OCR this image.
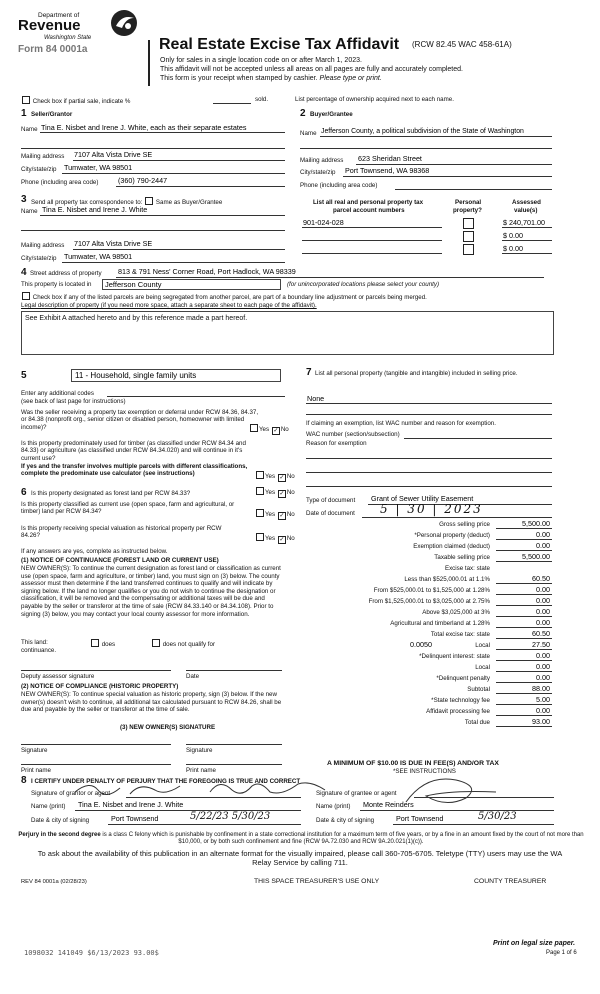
Department of
Revenue
Washington State
Form 84 0001a	Real Estate Excise Tax Affidavit (RCW 82.45 WAC 458-61A)
Only for sales in a single location code on or after March 1, 2023.
This affidavit will not be accepted unless all areas on all pages are fully and accurately completed.
This form is your receipt when stamped by cashier. Please type or print.
Check box if partial sale, indicate %	sold.	List percentage of ownership acquired next to each name.
1 Seller/Grantor
Name Tina E. Nisbet and Irene J. White, each as their separate estates
Mailing address 7107 Alta Vista Drive SE
City/state/zip Tumwater, WA 98501
Phone (including area code)	(360) 790-2447
2 Buyer/Grantee
Name Jefferson County, a political subdivision of the State of Washington
Mailing address 623 Sheridan Street
City/state/zip Port Townsend, WA 98368
Phone (including area code)
3 Send all property tax correspondence to: Same as Buyer/Grantee
Name Tina E. Nisbet and Irene J. White
Mailing address 7107 Alta Vista Drive SE
City/state/zip Tumwater, WA 98501
List all real and personal property tax
parcel account numbers
Personal
property?
Assessed
value(s)
901-024-028	$ 240,701.00
$ 0.00
$ 0.00
4 Street address of property 813 & 791 Ness' Corner Road, Port Hadlock, WA 98339
This property is located in Jefferson County	(for unincorporated locations please select your county)
Check box if any of the listed parcels are being segregated from another parcel, are part of a boundary line adjustment or parcels being merged.
Legal description of property (if you need more space, attach a separate sheet to each page of the affidavit).
See Exhibit A attached hereto and by this reference made a part hereof.
5	11 - Household, single family units
Enter any additional codes
(see back of last page for instructions)
Was the seller receiving a property tax exemption or deferral under RCW 84.36, 84.37, or 84.38 (nonprofit org., senior citizen or disabled person, homeowner with limited income)?	Yes ✓ No
Is this property predominately used for timber (as classified under RCW 84.34 and 84.33) or agriculture (as classified under RCW 84.34.020) and will continue in it's current use?
If yes and the transfer involves multiple parcels with different classifications, complete the predominate use calculator (see instructions)	Yes ✓ No
6 Is this property designated as forest land per RCW 84.33?	Yes ✓ No
Is this property classified as current use (open space, farm and agricultural, or timber) land per RCW 84.34?	Yes ✓ No
Is this property receiving special valuation as historical property per RCW 84.26?	Yes ✓ No
If any answers are yes, complete as instructed below.
(1) NOTICE OF CONTINUANCE (FOREST LAND OR CURRENT USE)
NEW OWNER(S): To continue the current designation as forest land or classification as current use (open space, farm and agriculture, or timber) land, you must sign on (3) below. The county assessor must then determine if the land transferred continues to qualify and will indicate by signing below. If the land no longer qualifies or you do not wish to continue the designation or classification, it will be removed and the compensating or additional taxes will be due and payable by the seller or transferor at the time of sale (RCW 84.33.140 or 84.34.108). Prior to signing (3) below, you may contact your local county assessor for more information.
This land:	does	does not qualify for
continuance.
Deputy assessor signature	Date
(2) NOTICE OF COMPLIANCE (HISTORIC PROPERTY)
NEW OWNER(S): To continue special valuation as historic property, sign (3) below. If the new owner(s) doesn't wish to continue, all additional tax calculated pursuant to RCW 84.26, shall be due and payable by the seller or transferor at the time of sale.
(3) NEW OWNER(S) SIGNATURE
Signature	Signature
Print name	Print name
7 List all personal property (tangible and intangible) included in selling price.
None
If claiming an exemption, list WAC number and reason for exemption.
WAC number (section/subsection)
Reason for exemption
Type of document Grant of Sewer Utility Easement
Date of document 5 | 30 | 2023
Gross selling price	5,500.00
*Personal property (deduct)	0.00
Exemption claimed (deduct)	0.00
Taxable selling price	5,500.00
Excise tax: state
Less than $525,000.01 at 1.1%	60.50
From $525,000.01 to $1,525,000 at 1.28%	0.00
From $1,525,000.01 to $3,025,000 at 2.75%	0.00
Above $3,025,000 at 3%	0.00
Agricultural and timberland at 1.28%	0.00
Total excise tax: state	60.50
0.0050	Local	27.50
*Delinquent interest: state	0.00
Local	0.00
*Delinquent penalty	0.00
Subtotal	88.00
*State technology fee	5.00
Affidavit processing fee	0.00
Total due	93.00
A MINIMUM OF $10.00 IS DUE IN FEE(S) AND/OR TAX
*SEE INSTRUCTIONS
8 I CERTIFY UNDER PENALTY OF PERJURY THAT THE FOREGOING IS TRUE AND CORRECT
Signature of grantor or agent	Signature of grantee or agent
Name (print) Tina E. Nisbet and Irene J. White	Name (print) Monte Reinders
Date & city of signing	Port Townsend	5/22/23 5/30/23	Date & city of signing	Port Townsend	5/30/23
Perjury in the second degree is a class C felony which is punishable by confinement in a state correctional institution for a maximum term of five years, or by a fine in an amount fixed by the court of not more than $10,000, or by both such confinement and fine (RCW 9A.72.030 and RCW 9A.20.021(1)(c)).
To ask about the availability of this publication in an alternate format for the visually impaired, please call 360-705-6705. Teletype (TTY) users may use the WA Relay Service by calling 711.
REV 84 0001a (02/28/23)	THIS SPACE TREASURER'S USE ONLY	COUNTY TREASURER
Print on legal size paper.
Page 1 of 6
1098032 141049 $6/13/2023 93.00$
